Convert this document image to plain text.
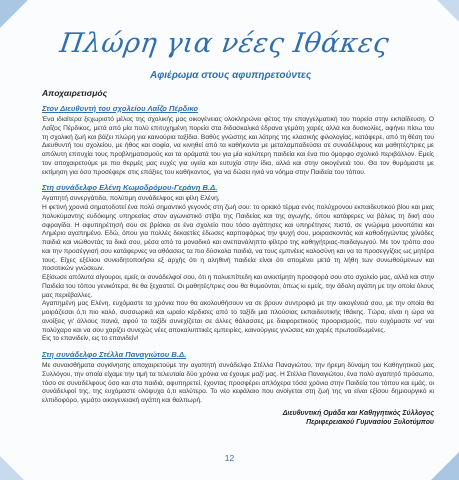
Πλώρη για νέες Ιθάκες
Αφιέρωμα στους αφυπηρετούντες
Αποχαιρετισμός
Στον Διευθυντή του σχολείου Λαΐζο Πέρδικο

Ένα ιδιαίτερα ξεχωριστό μέλος της σχολικής μας οικογένειας ολοκληρώνει φέτος την επαγγελματική του πορεία στην εκπαίδευση. Ο Λαΐζος Πέρδικος, μετά από μία πολύ επιτυχημένη πορεία στα διδασκαλικά έδρανα γεμάτη χαρές αλλά και δυσκολίες, αφήνει πίσω του τη σχολική ζωή και βάζει πλώρη για καινούρια ταξίδια. Βαθύς γνώστης και λάτρης της κλασικής φιλολογίας, κατάφερε, από τη θέση του Διευθυντή του σχολείου, με ήθος και σοφία, να κινηθεί από τα καθήκοντα με μεταλαμπαδεύσει σε συναδέλφους και μαθητές/τριες με απόλυτη επιτυχία τους προβληματισμούς και τα οράματά του για μία καλύτερη παιδεία και ένα πιο όμορφο σχολικό περιβάλλον. Εμείς τον αποχαιρετούμε με πιο θερμές μας ευχές για υγεία και ευτυχία στην ίδια, αλλά και στην οικογένειά του. Θα τον θυμόμαστε με εκτίμηση για όσο προσέφερε στις επάξιες του καθήκοντος, για να δώσει ηνιά να νόημα στην Παιδεία του τόπου.

Στη συνάδελφο Ελένη Κωμοδρόμου-Γεράνη Β.Δ.

Αγαπητή συνεργάτιδα, πολύτιμη συνάδελφος και φίλη Ελένη,

Η φετινή χρονιά σηματοδοτεί ένα πολύ σημαντικό γεγονός στη ζωή σου: το οριακό τέρμα ενός πολύχρονου εκπαιδευτικού βίου και μιας πολυκύμαντης ευδόκιμης υπηρεσίας στον αγωνιστικό στίβο της Παιδείας και της αγωγής, όπου κατάφερες να βάλεις τη δική σου σφραγίδα. Η αφυπηρέτησή σου σε βρίσκει σε ένα σχολείο που τόσο αγάπησες και υπηρέτησες πιστά, σε γνώριμα μονοπάτια και Λημέριο αγαπημένο. Εδώ, όπου για πολλές δεκαετίες έδωσες καρποφόρως την ψυχή σου, μοιρασκοντάς και καθοδηγώντας χιλιάδες παιδιά και νιώθοντάς τα δικά σου, μέσα από το μοναδικό και ανεπανάληπτο φίλτρο της καθηγήτριας-παιδαγωγού. Με τον τρόπο σου και την προσέγγισή σου κατάφερνες να αθόασεις τα πιο δύσκολα παιδιά, να τους εμπνέεις καλοσύνη και να τα προσεγγίζεις ως μητέρα τους. Είχες εξέλιου συνειδητοποιήσει εξ αρχής ότι η αληθινή παιδεία είναι ότι απομένει μετά τη λήθη των συνωθούμενων και ποσοτικών γνώσεων.

Εξίσωσε απόλυτα σίγουροι, εμείς οι συνάδελφοί σου, ότι η πολυεπίπεδη και ανεκτίμητη προσφορά σου στο σχολείο μας, αλλά και στην Παιδεία του τόπου γενικότερα, θε θα ξεχαστεί. Οι μαθητές/τριες σου θα θυμούνται, όπως κι εμείς, την άδολη αγάπη με την οποία όλους μας περιέβαλλες.

Αγαπημένη μας Ελένη, ευχόμαστε τα χρόνια που θα ακολουθήσουν να σε βρουν συντροφιά με την οικογένειά σου, με την οποία θα μοιράζεσαι ό,τι πιο καλό, συσσωρικά και ωραίο κέρδισες από το ταξίδι μια πλούσιας εκπαιδευτικής Ιθάκης. Τώρα, είναι η ώρα να ανοίξεις γι' άλλους πανιά, αφού το ταξίδι συνεχίζεται σε άλλες θάλασσες με διαφορετικούς προορισμούς, που ευχόμαστε να' ναι πολύχαρο και να σου χαρίζει συνεχώς νέες αποκαλυπτικές εμπειρίες, καινούργιες γνώσεις και χαρές πρωτοείδωμένες.

Εις το επανιδείν, εις το επανιδείν!

Στη συνάδελφο Στέλλα Παναγιώτου Β.Δ.

Με συναισθήματα συγκίνησης αποχαιρετούμε την αγαπητή συνάδελφο Στέλλα Παναγιώτου, την ήρεμη δύναμη του Καθηγητικού μας Συλλόγου, την οποία είχαμε την τιμή τα τελευταία δύο χρόνια να έχουμε μαζί μας. Η Στέλλα Παναγιώτου, ένα πολύ αγαπητό πρόσωπο, τόσο σε συναδέλφους όσο και στα παιδιά, αφυπηρετεί, έχοντας προσφέρει απλόχερα τόσα χρόνια στην Παιδεία του τόπου και εμάς, οι συνάδελφοί της, της ευχόμαστε ολόψυχα ό,τι καλύτερο. Το νέο κεφάλαιο που ανοίγεται στη ζωή της να είναι εξίσου δημιουργικό κι ελπιδοφόρο, γεμάτο οικογενειακή αγάπη και θαλπωρή.

Διευθυντική Ομάδα και Καθηγητικός Σύλλογος
Περιφερειακού Γυμνασίου Ξυλοτύμπου
12
